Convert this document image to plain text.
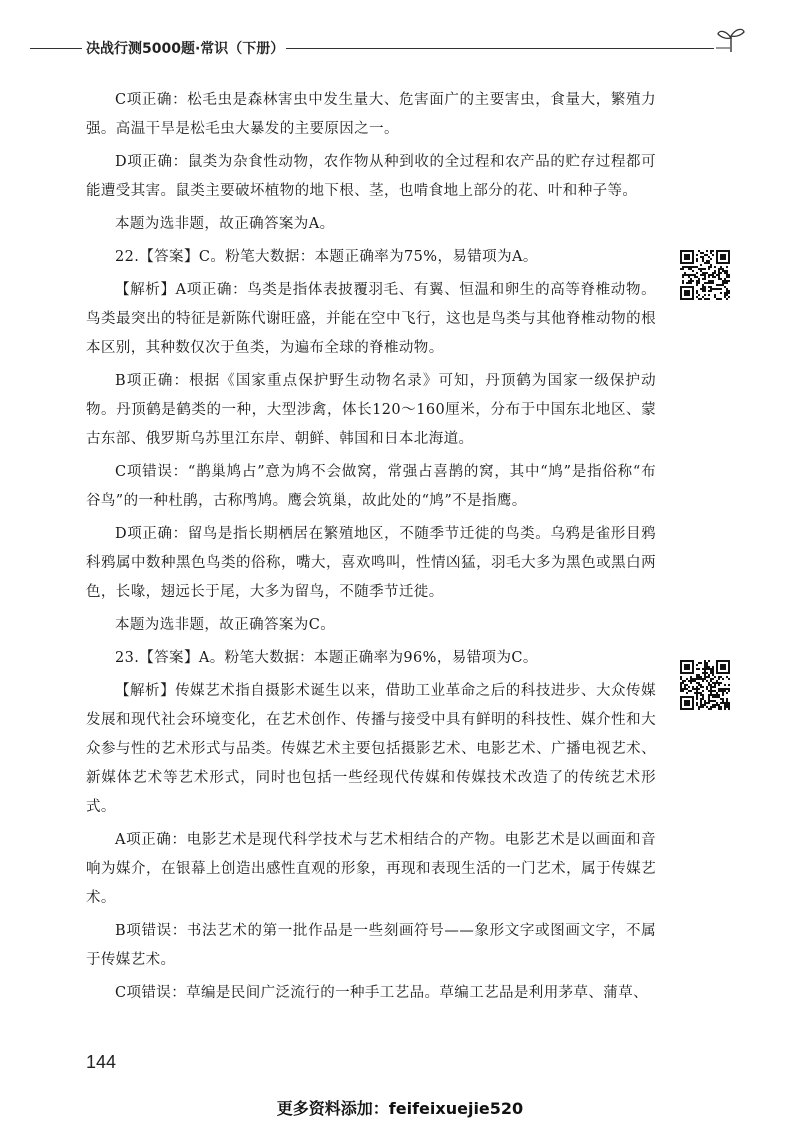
决战行测5000题·常识（下册）

C项正确：松毛虫是森林害虫中发生量大、危害面广的主要害虫，食量大，繁殖力强。高温干旱是松毛虫大暴发的主要原因之一。

D项正确：鼠类为杂食性动物，农作物从种到收的全过程和农产品的贮存过程都可能遭受其害。鼠类主要破坏植物的地下根、茎，也啃食地上部分的花、叶和种子等。

本题为选非题，故正确答案为A。

22.【答案】C。粉笔大数据：本题正确率为75%，易错项为A。

【解析】A项正确：鸟类是指体表披覆羽毛、有翼、恒温和卵生的高等脊椎动物。鸟类最突出的特征是新陈代谢旺盛，并能在空中飞行，这也是鸟类与其他脊椎动物的根本区别，其种数仅次于鱼类，为遍布全球的脊椎动物。

B项正确：根据《国家重点保护野生动物名录》可知，丹顶鹤为国家一级保护动物。丹顶鹤是鹤类的一种，大型涉禽，体长120～160厘米，分布于中国东北地区、蒙古东部、俄罗斯乌苏里江东岸、朝鲜、韩国和日本北海道。

C项错误：“鹊巢鸠占”意为鸠不会做窝，常强占喜鹊的窝，其中“鸠”是指俗称“布谷鸟”的一种杜鹃，古称鸤鸠。鹰会筑巢，故此处的“鸠”不是指鹰。

D项正确：留鸟是指长期栖居在繁殖地区，不随季节迁徙的鸟类。乌鸦是雀形目鸦科鸦属中数种黑色鸟类的俗称，嘴大，喜欢鸣叫，性情凶猛，羽毛大多为黑色或黑白两色，长喙，翅远长于尾，大多为留鸟，不随季节迁徙。

本题为选非题，故正确答案为C。

23.【答案】A。粉笔大数据：本题正确率为96%，易错项为C。

【解析】传媒艺术指自摄影术诞生以来，借助工业革命之后的科技进步、大众传媒发展和现代社会环境变化，在艺术创作、传播与接受中具有鲜明的科技性、媒介性和大众参与性的艺术形式与品类。传媒艺术主要包括摄影艺术、电影艺术、广播电视艺术、新媒体艺术等艺术形式，同时也包括一些经现代传媒和传媒技术改造了的传统艺术形式。

A项正确：电影艺术是现代科学技术与艺术相结合的产物。电影艺术是以画面和音响为媒介，在银幕上创造出感性直观的形象，再现和表现生活的一门艺术，属于传媒艺术。

B项错误：书法艺术的第一批作品是一些刻画符号——象形文字或图画文字，不属于传媒艺术。

C项错误：草编是民间广泛流行的一种手工艺品。草编工艺品是利用茅草、蒲草、

144
更多资料添加：feifeixuejie520
